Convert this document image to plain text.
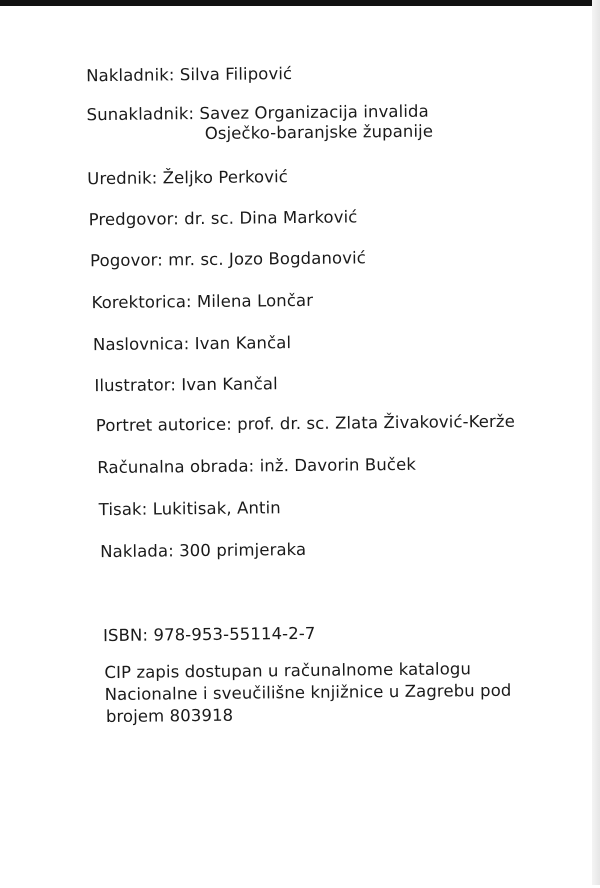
Nakladnik: Silva Filipović
Sunakladnik: Savez Organizacija invalida
Osječko-baranjske županije
Urednik: Željko Perković
Predgovor: dr. sc. Dina Marković
Pogovor: mr. sc. Jozo Bogdanović
Korektorica: Milena Lončar
Naslovnica: Ivan Kančal
Ilustrator: Ivan Kančal
Portret autorice: prof. dr. sc. Zlata Živaković-Kerže
Računalna obrada: inž. Davorin Buček
Tisak: Lukitisak, Antin
Naklada: 300 primjeraka
ISBN: 978-953-55114-2-7
CIP zapis dostupan u računalnome katalogu
Nacionalne i sveučilišne knjižnice u Zagrebu pod
brojem 803918
